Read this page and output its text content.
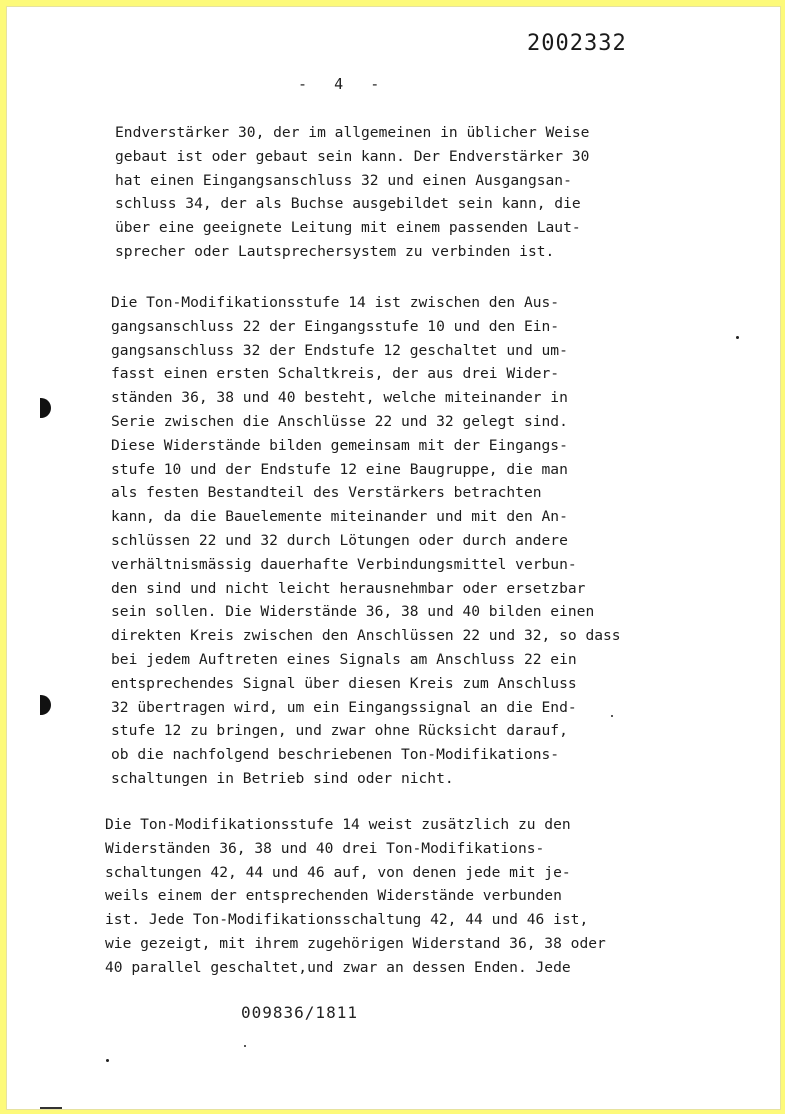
2002332
-   4   -

Endverstärker 30, der im allgemeinen in üblicher Weise
gebaut ist oder gebaut sein kann. Der Endverstärker 30
hat einen Eingangsanschluss 32 und einen Ausgangsan-
schluss 34, der als Buchse ausgebildet sein kann, die
über eine geeignete Leitung mit einem passenden Laut-
sprecher oder Lautsprechersystem zu verbinden ist.

Die Ton-Modifikationsstufe 14 ist zwischen den Aus-
gangsanschluss 22 der Eingangsstufe 10 und den Ein-
gangsanschluss 32 der Endstufe 12 geschaltet und um-
fasst einen ersten Schaltkreis, der aus drei Wider-
ständen 36, 38 und 40 besteht, welche miteinander in
Serie zwischen die Anschlüsse 22 und 32 gelegt sind.
Diese Widerstände bilden gemeinsam mit der Eingangs-
stufe 10 und der Endstufe 12 eine Baugruppe, die man
als festen Bestandteil des Verstärkers betrachten
kann, da die Bauelemente miteinander und mit den An-
schlüssen 22 und 32 durch Lötungen oder durch andere
verhältnismässig dauerhafte Verbindungsmittel verbun-
den sind und nicht leicht herausnehmbar oder ersetzbar
sein sollen. Die Widerstände 36, 38 und 40 bilden einen
direkten Kreis zwischen den Anschlüssen 22 und 32, so dass
bei jedem Auftreten eines Signals am Anschluss 22 ein
entsprechendes Signal über diesen Kreis zum Anschluss
32 übertragen wird, um ein Eingangssignal an die End-
stufe 12 zu bringen, und zwar ohne Rücksicht darauf,
ob die nachfolgend beschriebenen Ton-Modifikations-
schaltungen in Betrieb sind oder nicht.

Die Ton-Modifikationsstufe 14 weist zusätzlich zu den
Widerständen 36, 38 und 40 drei Ton-Modifikations-
schaltungen 42, 44 und 46 auf, von denen jede mit je-
weils einem der entsprechenden Widerstände verbunden
ist. Jede Ton-Modifikationsschaltung 42, 44 und 46 ist,
wie gezeigt, mit ihrem zugehörigen Widerstand 36, 38 oder
40 parallel geschaltet,und zwar an dessen Enden. Jede

009836/1811
